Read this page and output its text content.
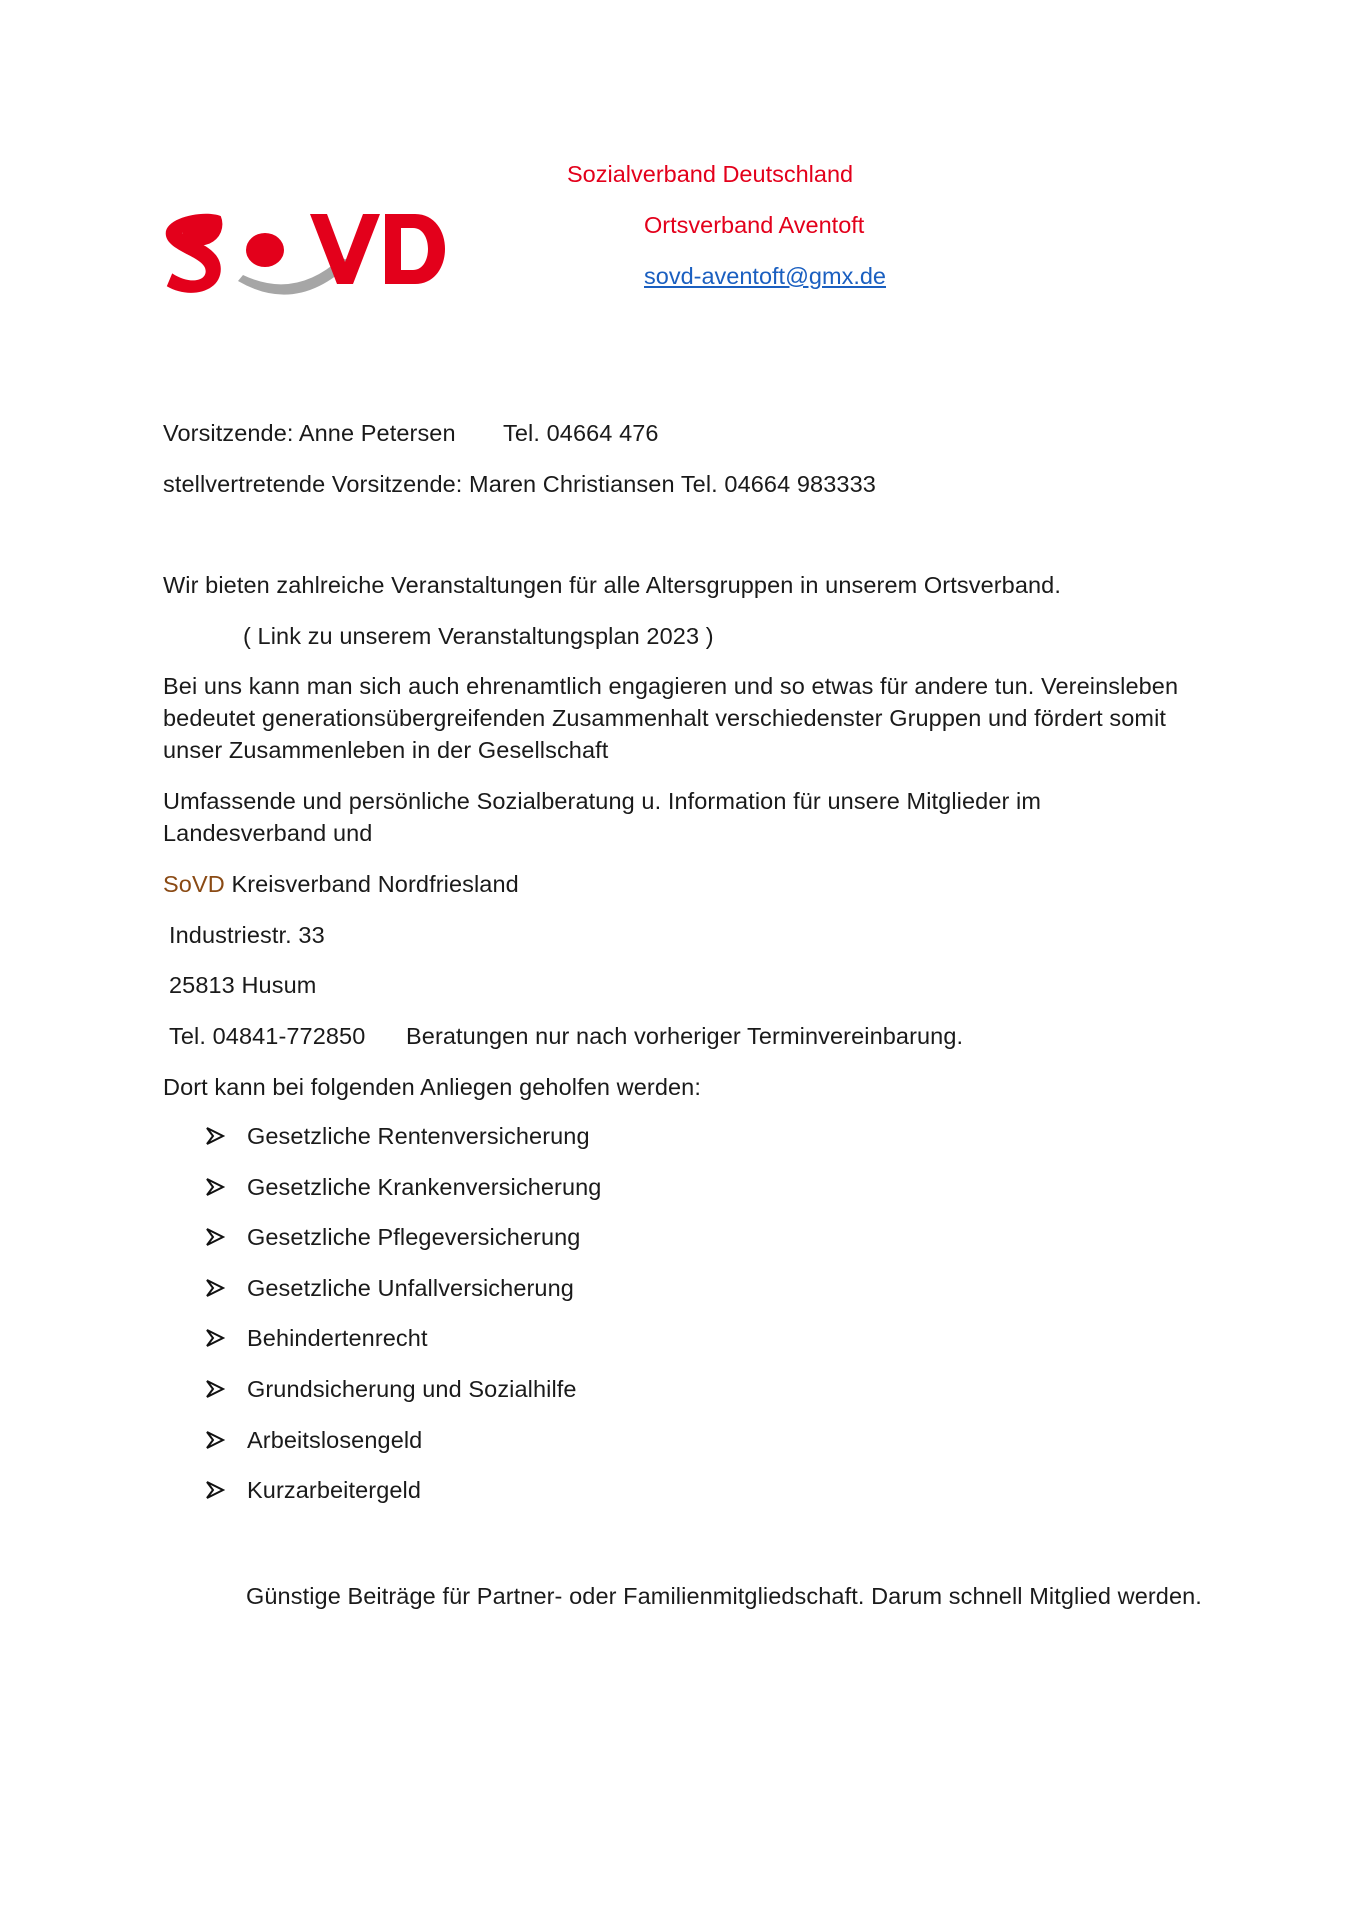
Sozialverband Deutschland
Ortsverband Aventoft
sovd-aventoft@gmx.de
Vorsitzende: Anne Petersen Tel. 04664 476
stellvertretende Vorsitzende: Maren Christiansen Tel. 04664 983333
Wir bieten zahlreiche Veranstaltungen für alle Altersgruppen in unserem Ortsverband.
( Link zu unserem Veranstaltungsplan 2023 )
Bei uns kann man sich auch ehrenamtlich engagieren und so etwas für andere tun. Vereinsleben bedeutet generationsübergreifenden Zusammenhalt verschiedenster Gruppen und fördert somit unser Zusammenleben in der Gesellschaft
Umfassende und persönliche Sozialberatung u. Information für unsere Mitglieder im Landesverband und
SoVD Kreisverband Nordfriesland
Industriestr. 33
25813 Husum
Tel. 04841-772850 Beratungen nur nach vorheriger Terminvereinbarung.
Dort kann bei folgenden Anliegen geholfen werden:
Gesetzliche Rentenversicherung
Gesetzliche Krankenversicherung
Gesetzliche Pflegeversicherung
Gesetzliche Unfallversicherung
Behindertenrecht
Grundsicherung und Sozialhilfe
Arbeitslosengeld
Kurzarbeitergeld
Günstige Beiträge für Partner- oder Familienmitgliedschaft. Darum schnell Mitglied werden.
